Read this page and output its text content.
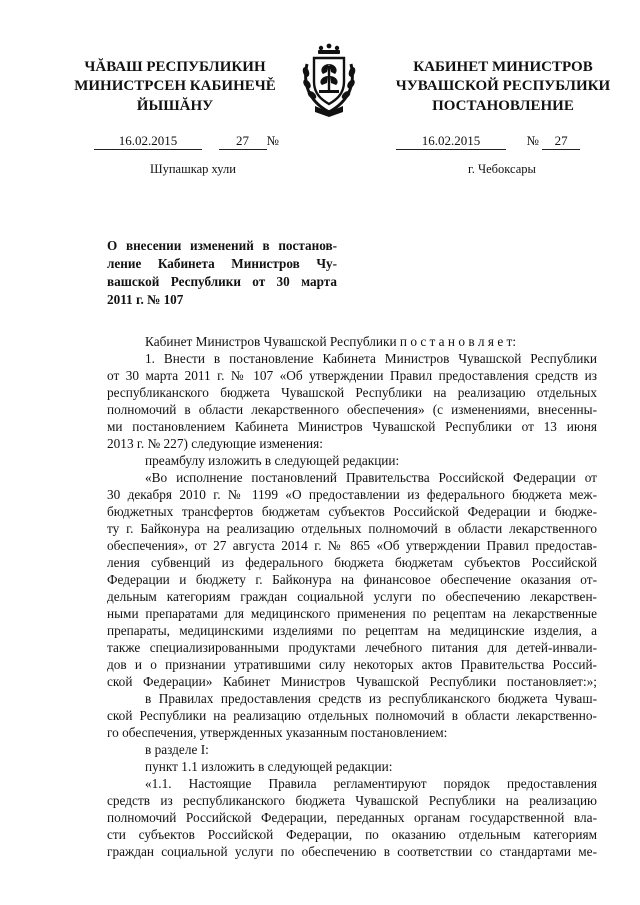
ЧĂВАШ РЕСПУБЛИКИН
МИНИСТРСЕН КАБИНЕЧĚ
ЙЫШĂНУ
КАБИНЕТ МИНИСТРОВ
ЧУВАШСКОЙ РЕСПУБЛИКИ
ПОСТАНОВЛЕНИЕ
16.02.2015	27 №	16.02.2015	№ 27
Шупашкар хули	г. Чебоксары
О внесении изменений в постанов-
ление Кабинета Министров Чу-
вашской Республики от 30 марта
2011 г. № 107
Кабинет Министров Чувашской Республики п о с т а н о в л я е т:
1. Внести в постановление Кабинета Министров Чувашской Республики
от 30 марта 2011 г. № 107 «Об утверждении Правил предоставления средств из
республиканского бюджета Чувашской Республики на реализацию отдельных
полномочий в области лекарственного обеспечения» (с изменениями, внесенны-
ми постановлением Кабинета Министров Чувашской Республики от 13 июня
2013 г. № 227) следующие изменения:
преамбулу изложить в следующей редакции:
«Во исполнение постановлений Правительства Российской Федерации от
30 декабря 2010 г. № 1199 «О предоставлении из федерального бюджета меж-
бюджетных трансфертов бюджетам субъектов Российской Федерации и бюдже-
ту г. Байконура на реализацию отдельных полномочий в области лекарственного
обеспечения», от 27 августа 2014 г. № 865 «Об утверждении Правил предостав-
ления субвенций из федерального бюджета бюджетам субъектов Российской
Федерации и бюджету г. Байконура на финансовое обеспечение оказания от-
дельным категориям граждан социальной услуги по обеспечению лекарствен-
ными препаратами для медицинского применения по рецептам на лекарственные
препараты, медицинскими изделиями по рецептам на медицинские изделия, а
также специализированными продуктами лечебного питания для детей-инвали-
дов и о признании утратившими силу некоторых актов Правительства Россий-
ской Федерации» Кабинет Министров Чувашской Республики постановляет:»;
в Правилах предоставления средств из республиканского бюджета Чуваш-
ской Республики на реализацию отдельных полномочий в области лекарственно-
го обеспечения, утвержденных указанным постановлением:
в разделе I:
пункт 1.1 изложить в следующей редакции:
«1.1. Настоящие Правила регламентируют порядок предоставления
средств из республиканского бюджета Чувашской Республики на реализацию
полномочий Российской Федерации, переданных органам государственной вла-
сти субъектов Российской Федерации, по оказанию отдельным категориям
граждан социальной услуги по обеспечению в соответствии со стандартами ме-
